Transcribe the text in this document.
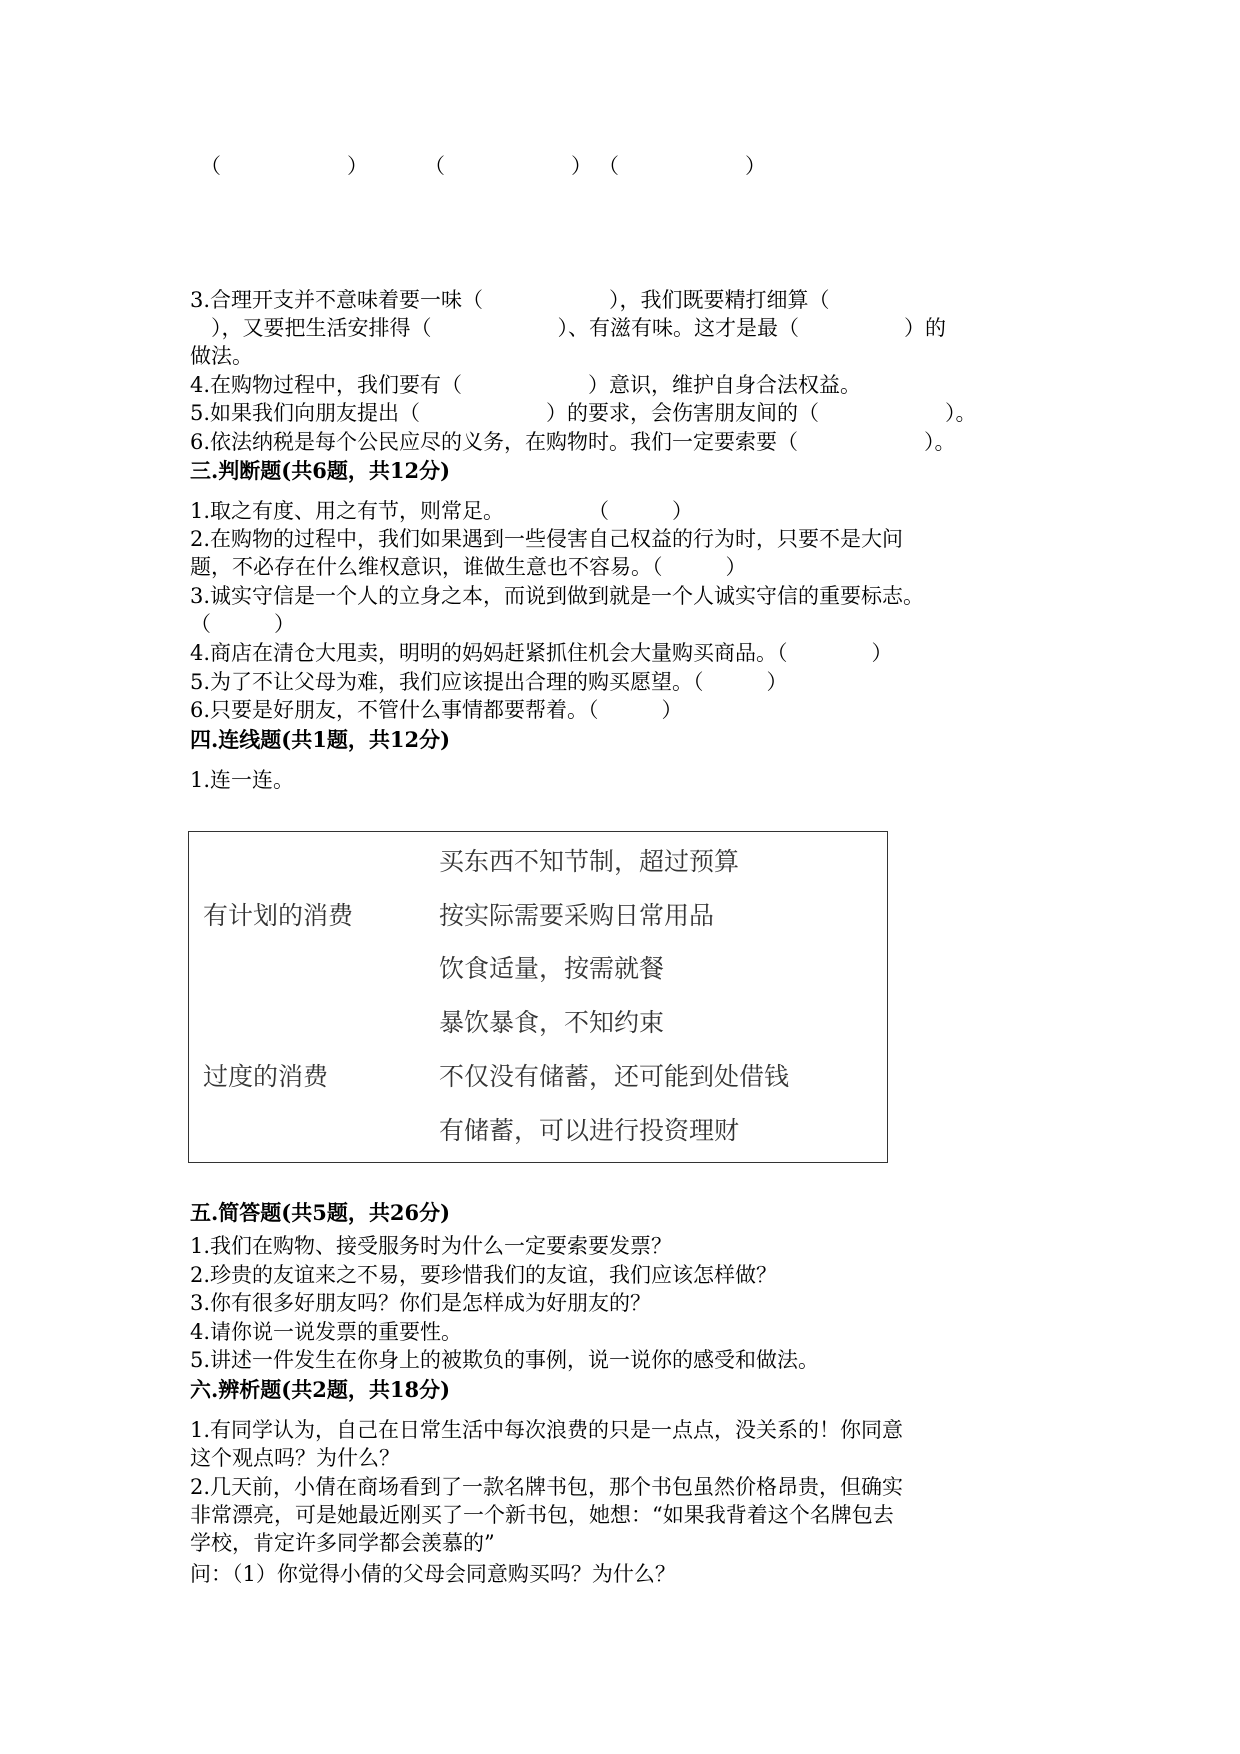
（　　　　　　）	（　　　　　　） （　　　　　　）
3.合理开支并不意味着要一味（　　　　　　），我们既要精打细算（
　），又要把生活安排得（　　　　　　）、有滋有味。这才是最（　　　　　）的
做法。
4.在购物过程中，我们要有（　　　　　　）意识，维护自身合法权益。
5.如果我们向朋友提出（　　　　　　）的要求，会伤害朋友间的（　　　　　　）。
6.依法纳税是每个公民应尽的义务，在购物时。我们一定要索要（　　　　　　）。
三.判断题(共6题，共12分)
1.取之有度、用之有节，则常足。　　　　　（　　　）
2.在购物的过程中，我们如果遇到一些侵害自己权益的行为时，只要不是大问
题，不必存在什么维权意识，谁做生意也不容易。（　　　）
3.诚实守信是一个人的立身之本，而说到做到就是一个人诚实守信的重要标志。
（　　　）
4.商店在清仓大甩卖，明明的妈妈赶紧抓住机会大量购买商品。（　　　　）
5.为了不让父母为难，我们应该提出合理的购买愿望。（　　　）
6.只要是好朋友，不管什么事情都要帮着。（　　　）
四.连线题(共1题，共12分)
1.连一连。
买东西不知节制，超过预算
有计划的消费	按实际需要采购日常用品
饮食适量，按需就餐
暴饮暴食，不知约束
过度的消费	不仅没有储蓄，还可能到处借钱
有储蓄，可以进行投资理财
五.简答题(共5题，共26分)
1.我们在购物、接受服务时为什么一定要索要发票？
2.珍贵的友谊来之不易，要珍惜我们的友谊，我们应该怎样做？
3.你有很多好朋友吗？你们是怎样成为好朋友的？
4.请你说一说发票的重要性。
5.讲述一件发生在你身上的被欺负的事例，说一说你的感受和做法。
六.辨析题(共2题，共18分)
1.有同学认为，自己在日常生活中每次浪费的只是一点点，没关系的！你同意
这个观点吗？为什么？
2.几天前，小倩在商场看到了一款名牌书包，那个书包虽然价格昂贵，但确实
非常漂亮，可是她最近刚买了一个新书包，她想：“如果我背着这个名牌包去
学校，肯定许多同学都会羡慕的”
问：（1）你觉得小倩的父母会同意购买吗？为什么？
